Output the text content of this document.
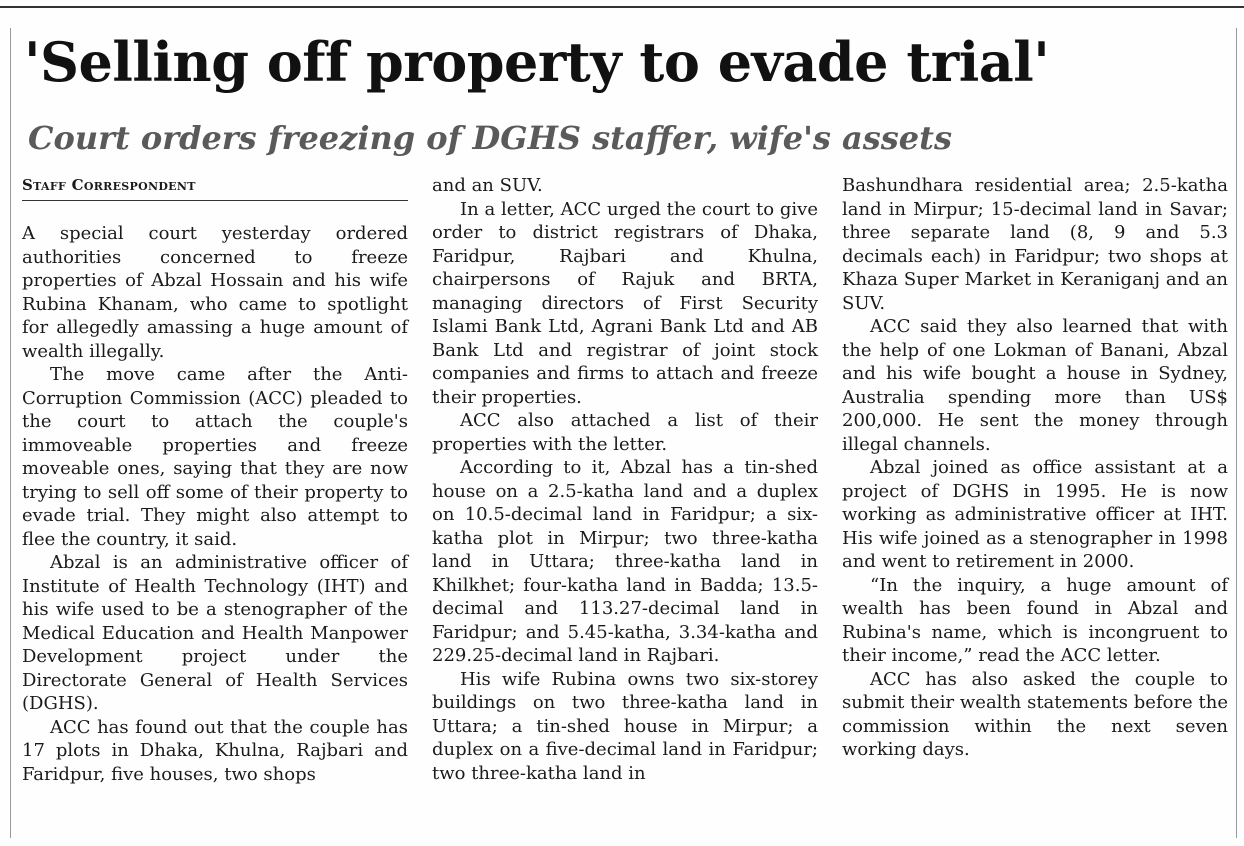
'Selling off property to evade trial'
Court orders freezing of DGHS staffer, wife's assets
Staff Correspondent

A special court yesterday ordered authorities concerned to freeze properties of Abzal Hossain and his wife Rubina Khanam, who came to spotlight for allegedly amassing a huge amount of wealth illegally.

The move came after the Anti-Corruption Commission (ACC) pleaded to the court to attach the couple's immoveable properties and freeze moveable ones, saying that they are now trying to sell off some of their property to evade trial. They might also attempt to flee the country, it said.

Abzal is an administrative officer of Institute of Health Technology (IHT) and his wife used to be a stenographer of the Medical Education and Health Manpower Development project under the Directorate General of Health Services (DGHS).

ACC has found out that the couple has 17 plots in Dhaka, Khulna, Rajbari and Faridpur, five houses, two shops

and an SUV.

In a letter, ACC urged the court to give order to district registrars of Dhaka, Faridpur, Rajbari and Khulna, chairpersons of Rajuk and BRTA, managing directors of First Security Islami Bank Ltd, Agrani Bank Ltd and AB Bank Ltd and registrar of joint stock companies and firms to attach and freeze their properties.

ACC also attached a list of their properties with the letter.

According to it, Abzal has a tin-shed house on a 2.5-katha land and a duplex on 10.5-decimal land in Faridpur; a six-katha plot in Mirpur; two three-katha land in Uttara; three-katha land in Khilkhet; four-katha land in Badda; 13.5-decimal and 113.27-decimal land in Faridpur; and 5.45-katha, 3.34-katha and 229.25-decimal land in Rajbari.

His wife Rubina owns two six-storey buildings on two three-katha land in Uttara; a tin-shed house in Mirpur; a duplex on a five-decimal land in Faridpur; two three-katha land in

Bashundhara residential area; 2.5-katha land in Mirpur; 15-decimal land in Savar; three separate land (8, 9 and 5.3 decimals each) in Faridpur; two shops at Khaza Super Market in Keraniganj and an SUV.

ACC said they also learned that with the help of one Lokman of Banani, Abzal and his wife bought a house in Sydney, Australia spending more than US$ 200,000. He sent the money through illegal channels.

Abzal joined as office assistant at a project of DGHS in 1995. He is now working as administrative officer at IHT. His wife joined as a stenographer in 1998 and went to retirement in 2000.

“In the inquiry, a huge amount of wealth has been found in Abzal and Rubina's name, which is incongruent to their income,” read the ACC letter.

ACC has also asked the couple to submit their wealth statements before the commission within the next seven working days.
